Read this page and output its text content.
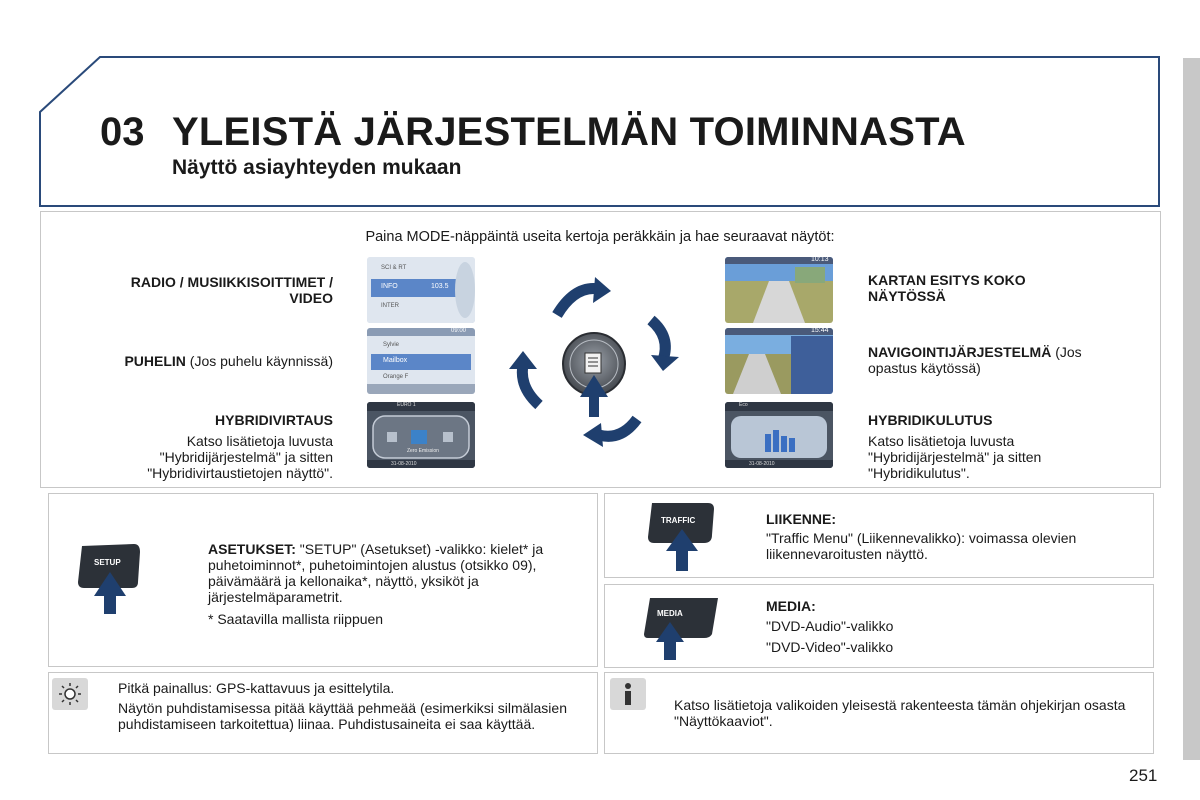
03 YLEISTÄ JÄRJESTELMÄN TOIMINNASTA
Näyttö asiayhteyden mukaan
Paina MODE-näppäintä useita kertoja peräkkäin ja hae seuraavat näytöt:
RADIO / MUSIIKKISOITTIMET / VIDEO
PUHELIN (Jos puhelu käynnissä)
HYBRIDIVIRTAUS
Katso lisätietoja luvusta "Hybridijärjestelmä" ja sitten "Hybridivirtaustietojen näyttö".
KARTAN ESITYS KOKO NÄYTÖSSÄ
NAVIGOINTIJÄRJESTELMÄ (Jos opastus käytössä)
HYBRIDIKULUTUS
Katso lisätietoja luvusta "Hybridijärjestelmä" ja sitten "Hybridikulutus".
SCI & RT
INFO	103.5
INTER
09:00
Sylvie
Mailbox
Orange F
EURO 1
Zero Emission
31-08-2010
10:13
15:44
Eco
31-08-2010
SETUP
ASETUKSET: "SETUP" (Asetukset) -valikko: kielet* ja puhetoiminnot*, puhetoimintojen alustus (otsikko 09), päivämäärä ja kellonaika*, näyttö, yksiköt ja järjestelmäparametrit.
* Saatavilla mallista riippuen
TRAFFIC	LIIKENNE:
"Traffic Menu" (Liikennevalikko): voimassa olevien liikennevaroitusten näyttö.
MEDIA	MEDIA:
"DVD-Audio"-valikko
"DVD-Video"-valikko
Pitkä painallus: GPS-kattavuus ja esittelytila.
Näytön puhdistamisessa pitää käyttää pehmeää (esimerkiksi silmälasien puhdistamiseen tarkoitettua) liinaa. Puhdistusaineita ei saa käyttää.
Katso lisätietoja valikoiden yleisestä rakenteesta tämän ohjekirjan osasta "Näyttökaaviot".
251
